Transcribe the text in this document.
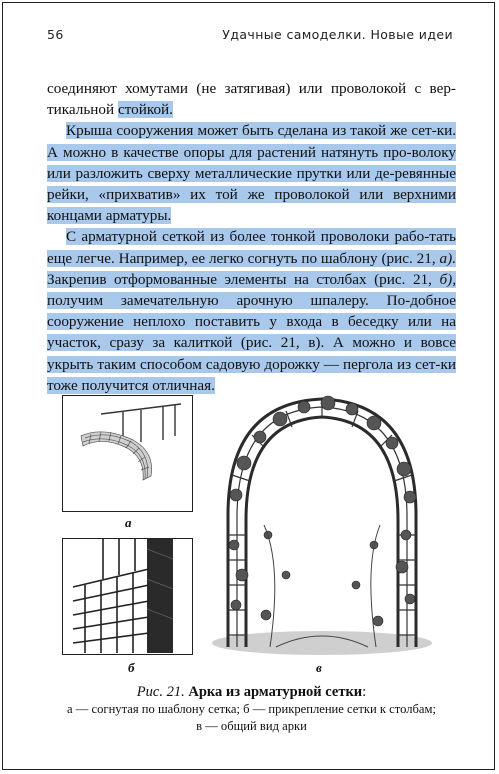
56	Удачные самоделки. Новые идеи

соединяют хомутами (не затягивая) или проволокой с вер-тикальной стойкой.

Крыша сооружения может быть сделана из такой же сет-ки. А можно в качестве опоры для растений натянуть про-волоку или разложить сверху металлические прутки или де-ревянные рейки, «прихватив» их той же проволокой или верхними концами арматуры.

С арматурной сеткой из более тонкой проволоки рабо-тать еще легче. Например, ее легко согнуть по шаблону (рис. 21, а). Закрепив отформованные элементы на столбах (рис. 21, б), получим замечательную арочную шпалеру. По-добное сооружение неплохо поставить у входа в беседку или на участок, сразу за калиткой (рис. 21, в). А можно и вовсе укрыть таким способом садовую дорожку — пергола из сет-ки тоже получится отличная.

а
б	в
Рис. 21. Арка из арматурной сетки:
а — согнутая по шаблону сетка; б — прикрепление сетки к столбам;
в — общий вид арки
